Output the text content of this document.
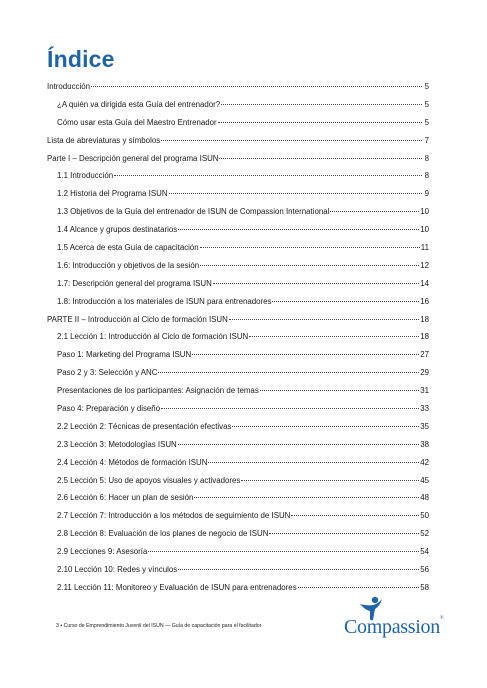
Índice
Introducción	5
¿A quién va dirigida esta Guía del entrenador?	5
Cómo usar esta Guía del Maestro Entrenador	5
Lista de abreviaturas y símbolos	7
Parte I – Descripción general del programa ISUN	8
1.1 Introducción	8
1.2 Historia del Programa ISUN	9
1.3 Objetivos de la Guía del entrenador de ISUN de Compassion International	10
1.4 Alcance y grupos destinatarios	10
1.5 Acerca de esta Guía de capacitación	11
1.6: Introducción y objetivos de la sesión	12
1.7: Descripción general del programa ISUN	14
1.8: Introducción a los materiales de ISUN para entrenadores	16
PARTE II – Introducción al Ciclo de formación ISUN	18
2.1 Lección 1: Introducción al Ciclo de formación ISUN	18
Paso 1: Marketing del Programa ISUN	27
Paso 2 y 3: Selección y ANC	29
Presentaciones de los participantes: Asignación de temas	31
Paso 4: Preparación y diseño	33
2.2 Lección 2: Técnicas de presentación efectivas	35
2.3 Lección 3: Metodologías ISUN	38
2.4 Lección 4: Métodos de formación ISUN	42
2.5 Lección 5: Uso de apoyos visuales y activadores	45
2.6 Lección 6: Hacer un plan de sesión	48
2.7 Lección 7: Introducción a los métodos de seguimiento de ISUN	50
2.8 Lección 8: Evaluación de los planes de negocio de ISUN	52
2.9 Lecciones 9: Asesoría	54
2.10 Lección 10: Redes y vínculos	56
2.11 Lección 11: Monitoreo y Evaluación de ISUN para entrenadores	58
3 • Curso de Emprendimiento Juvenil del ISUN — Guía de capacitación para el facilitador	Compassion®
